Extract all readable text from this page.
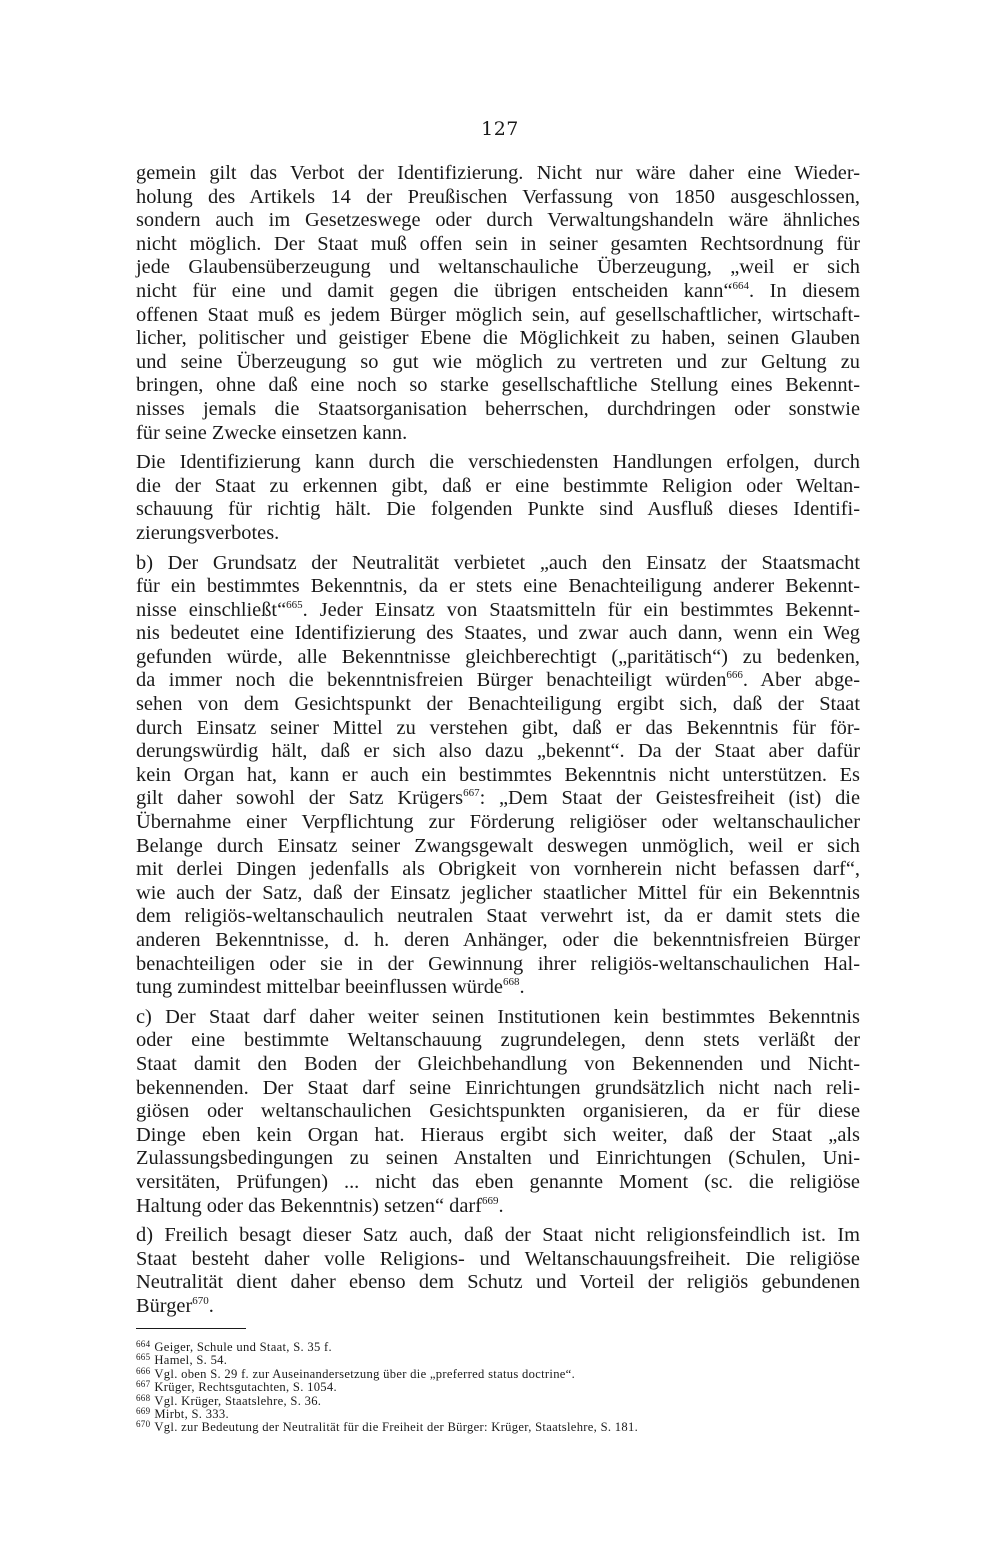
127
gemein gilt das Verbot der Identifizierung. Nicht nur wäre daher eine Wieder-
holung des Artikels 14 der Preußischen Verfassung von 1850 ausgeschlossen,
sondern auch im Gesetzeswege oder durch Verwaltungshandeln wäre ähnliches
nicht möglich. Der Staat muß offen sein in seiner gesamten Rechtsordnung für
jede Glaubensüberzeugung und weltanschauliche Überzeugung, „weil er sich
nicht für eine und damit gegen die übrigen entscheiden kann“$^{664}$. In diesem
offenen Staat muß es jedem Bürger möglich sein, auf gesellschaftlicher, wirtschaft-
licher, politischer und geistiger Ebene die Möglichkeit zu haben, seinen Glauben
und seine Überzeugung so gut wie möglich zu vertreten und zur Geltung zu
bringen, ohne daß eine noch so starke gesellschaftliche Stellung eines Bekennt-
nisses jemals die Staatsorganisation beherrschen, durchdringen oder sonstwie
für seine Zwecke einsetzen kann.
Die Identifizierung kann durch die verschiedensten Handlungen erfolgen, durch
die der Staat zu erkennen gibt, daß er eine bestimmte Religion oder Weltan-
schauung für richtig hält. Die folgenden Punkte sind Ausfluß dieses Identifi-
zierungsverbotes.
b) Der Grundsatz der Neutralität verbietet „auch den Einsatz der Staatsmacht
für ein bestimmtes Bekenntnis, da er stets eine Benachteiligung anderer Bekennt-
nisse einschließt“$^{665}$. Jeder Einsatz von Staatsmitteln für ein bestimmtes Bekennt-
nis bedeutet eine Identifizierung des Staates, und zwar auch dann, wenn ein Weg
gefunden würde, alle Bekenntnisse gleichberechtigt („paritätisch“) zu bedenken,
da immer noch die bekenntnisfreien Bürger benachteiligt würden$^{666}$. Aber abge-
sehen von dem Gesichtspunkt der Benachteiligung ergibt sich, daß der Staat
durch Einsatz seiner Mittel zu verstehen gibt, daß er das Bekenntnis für för-
derungswürdig hält, daß er sich also dazu „bekennt“. Da der Staat aber dafür
kein Organ hat, kann er auch ein bestimmtes Bekenntnis nicht unterstützen. Es
gilt daher sowohl der Satz Krügers$^{667}$: „Dem Staat der Geistesfreiheit (ist) die
Übernahme einer Verpflichtung zur Förderung religiöser oder weltanschaulicher
Belange durch Einsatz seiner Zwangsgewalt deswegen unmöglich, weil er sich
mit derlei Dingen jedenfalls als Obrigkeit von vornherein nicht befassen darf“,
wie auch der Satz, daß der Einsatz jeglicher staatlicher Mittel für ein Bekenntnis
dem religiös-weltanschaulich neutralen Staat verwehrt ist, da er damit stets die
anderen Bekenntnisse, d. h. deren Anhänger, oder die bekenntnisfreien Bürger
benachteiligen oder sie in der Gewinnung ihrer religiös-weltanschaulichen Hal-
tung zumindest mittelbar beeinflussen würde$^{668}$.
c) Der Staat darf daher weiter seinen Institutionen kein bestimmtes Bekenntnis
oder eine bestimmte Weltanschauung zugrundelegen, denn stets verläßt der
Staat damit den Boden der Gleichbehandlung von Bekennenden und Nicht-
bekennenden. Der Staat darf seine Einrichtungen grundsätzlich nicht nach reli-
giösen oder weltanschaulichen Gesichtspunkten organisieren, da er für diese
Dinge eben kein Organ hat. Hieraus ergibt sich weiter, daß der Staat „als
Zulassungsbedingungen zu seinen Anstalten und Einrichtungen (Schulen, Uni-
versitäten, Prüfungen) ... nicht das eben genannte Moment (sc. die religiöse
Haltung oder das Bekenntnis) setzen“ darf$^{669}$.
d) Freilich besagt dieser Satz auch, daß der Staat nicht religionsfeindlich ist. Im
Staat besteht daher volle Religions- und Weltanschauungsfreiheit. Die religiöse
Neutralität dient daher ebenso dem Schutz und Vorteil der religiös gebundenen
Bürger$^{670}$.
$^{664}$ Geiger, Schule und Staat, S. 35 f.
$^{665}$ Hamel, S. 54.
$^{666}$ Vgl. oben S. 29 f. zur Auseinandersetzung über die „preferred status doctrine“.
$^{667}$ Krüger, Rechtsgutachten, S. 1054.
$^{668}$ Vgl. Krüger, Staatslehre, S. 36.
$^{669}$ Mirbt, S. 333.
$^{670}$ Vgl. zur Bedeutung der Neutralität für die Freiheit der Bürger: Krüger, Staatslehre, S. 181.
